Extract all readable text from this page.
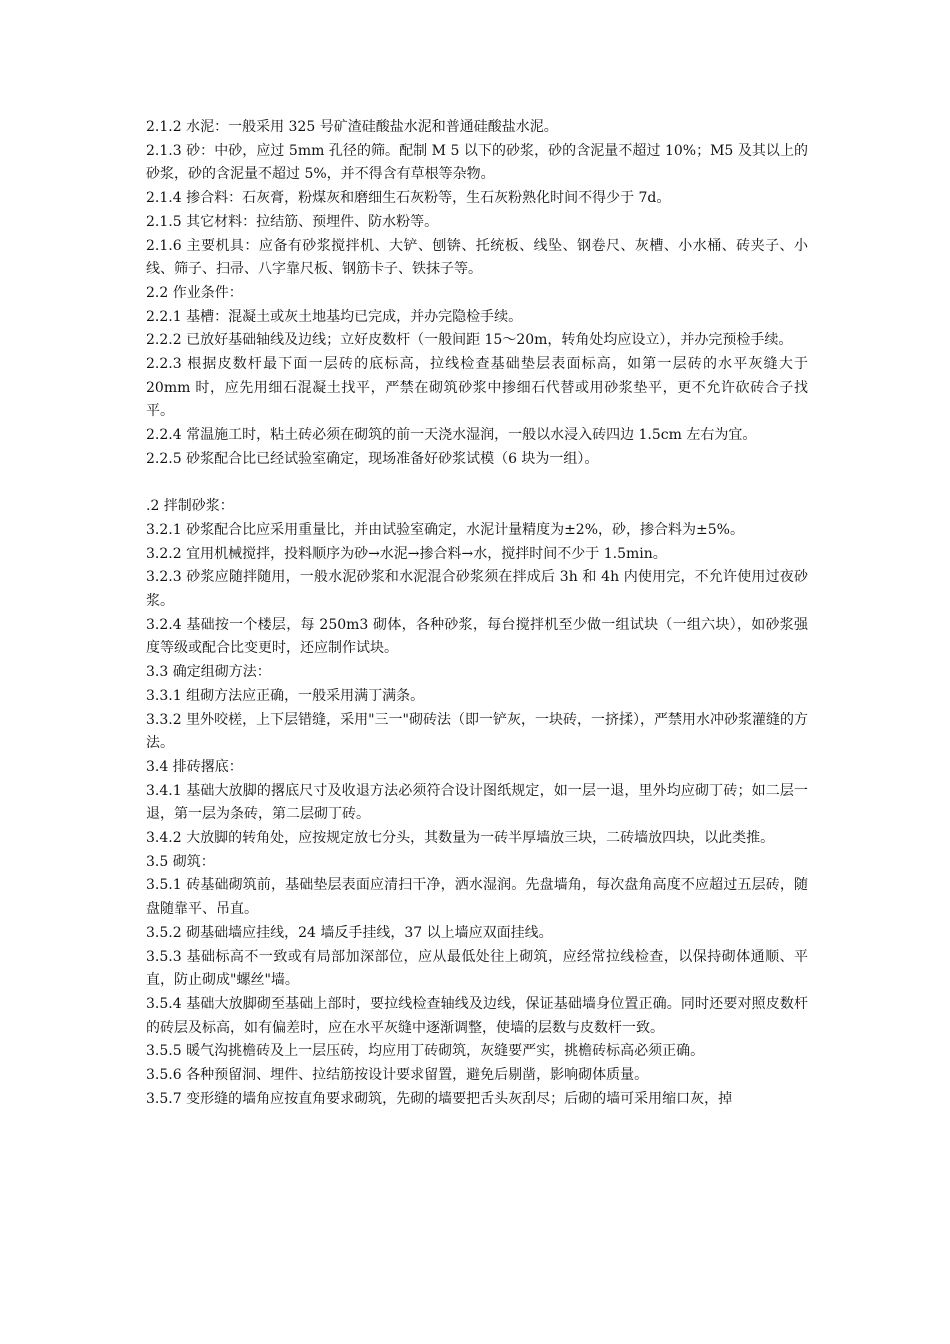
2.1.2 水泥：一般采用 325 号矿渣硅酸盐水泥和普通硅酸盐水泥。

2.1.3 砂：中砂，应过 5mm 孔径的筛。配制 M 5 以下的砂浆，砂的含泥量不超过 10%；M5 及其以上的砂浆，砂的含泥量不超过 5%，并不得含有草根等杂物。

2.1.4 掺合料：石灰膏，粉煤灰和磨细生石灰粉等，生石灰粉熟化时间不得少于 7d。

2.1.5 其它材料：拉结筋、预埋件、防水粉等。

2.1.6 主要机具：应备有砂浆搅拌机、大铲、刨锛、托统板、线坠、钢卷尺、灰槽、小水桶、砖夹子、小线、筛子、扫帚、八字靠尺板、钢筋卡子、铁抹子等。

2.2 作业条件：

2.2.1 基槽：混凝土或灰土地基均已完成，并办完隐检手续。

2.2.2 已放好基础轴线及边线；立好皮数杆（一般间距 15～20m，转角处均应设立），并办完预检手续。

2.2.3 根据皮数杆最下面一层砖的底标高，拉线检查基础垫层表面标高，如第一层砖的水平灰缝大于 20mm 时，应先用细石混凝土找平，严禁在砌筑砂浆中掺细石代替或用砂浆垫平，更不允许砍砖合子找平。

2.2.4 常温施工时，粘土砖必须在砌筑的前一天浇水湿润，一般以水浸入砖四边 1.5cm 左右为宜。

2.2.5 砂浆配合比已经试验室确定，现场准备好砂浆试模（6 块为一组）。

.2 拌制砂浆：

3.2.1 砂浆配合比应采用重量比，并由试验室确定，水泥计量精度为±2%，砂，掺合料为±5%。

3.2.2 宜用机械搅拌，投料顺序为砂→水泥→掺合料→水，搅拌时间不少于 1.5min。

3.2.3 砂浆应随拌随用，一般水泥砂浆和水泥混合砂浆须在拌成后 3h 和 4h 内使用完，不允许使用过夜砂浆。

3.2.4 基础按一个楼层，每 250m3 砌体，各种砂浆，每台搅拌机至少做一组试块（一组六块），如砂浆强度等级或配合比变更时，还应制作试块。

3.3 确定组砌方法：

3.3.1 组砌方法应正确，一般采用满丁满条。

3.3.2 里外咬槎，上下层错缝，采用"三一"砌砖法（即一铲灰，一块砖，一挤揉），严禁用水冲砂浆灌缝的方法。

3.4 排砖撂底：

3.4.1 基础大放脚的撂底尺寸及收退方法必须符合设计图纸规定，如一层一退，里外均应砌丁砖；如二层一退，第一层为条砖，第二层砌丁砖。

3.4.2 大放脚的转角处，应按规定放七分头，其数量为一砖半厚墙放三块，二砖墙放四块，以此类推。

3.5 砌筑：

3.5.1 砖基础砌筑前，基础垫层表面应清扫干净，洒水湿润。先盘墙角，每次盘角高度不应超过五层砖，随盘随靠平、吊直。

3.5.2 砌基础墙应挂线，24 墙反手挂线，37 以上墙应双面挂线。

3.5.3 基础标高不一致或有局部加深部位，应从最低处往上砌筑，应经常拉线检查，以保持砌体通顺、平直，防止砌成"螺丝"墙。

3.5.4 基础大放脚砌至基础上部时，要拉线检查轴线及边线，保证基础墙身位置正确。同时还要对照皮数杆的砖层及标高，如有偏差时，应在水平灰缝中逐渐调整，使墙的层数与皮数杆一致。

3.5.5 暖气沟挑檐砖及上一层压砖，均应用丁砖砌筑，灰缝要严实，挑檐砖标高必须正确。

3.5.6 各种预留洞、埋件、拉结筋按设计要求留置，避免后剔凿，影响砌体质量。

3.5.7 变形缝的墙角应按直角要求砌筑，先砌的墙要把舌头灰刮尽；后砌的墙可采用缩口灰，掉
